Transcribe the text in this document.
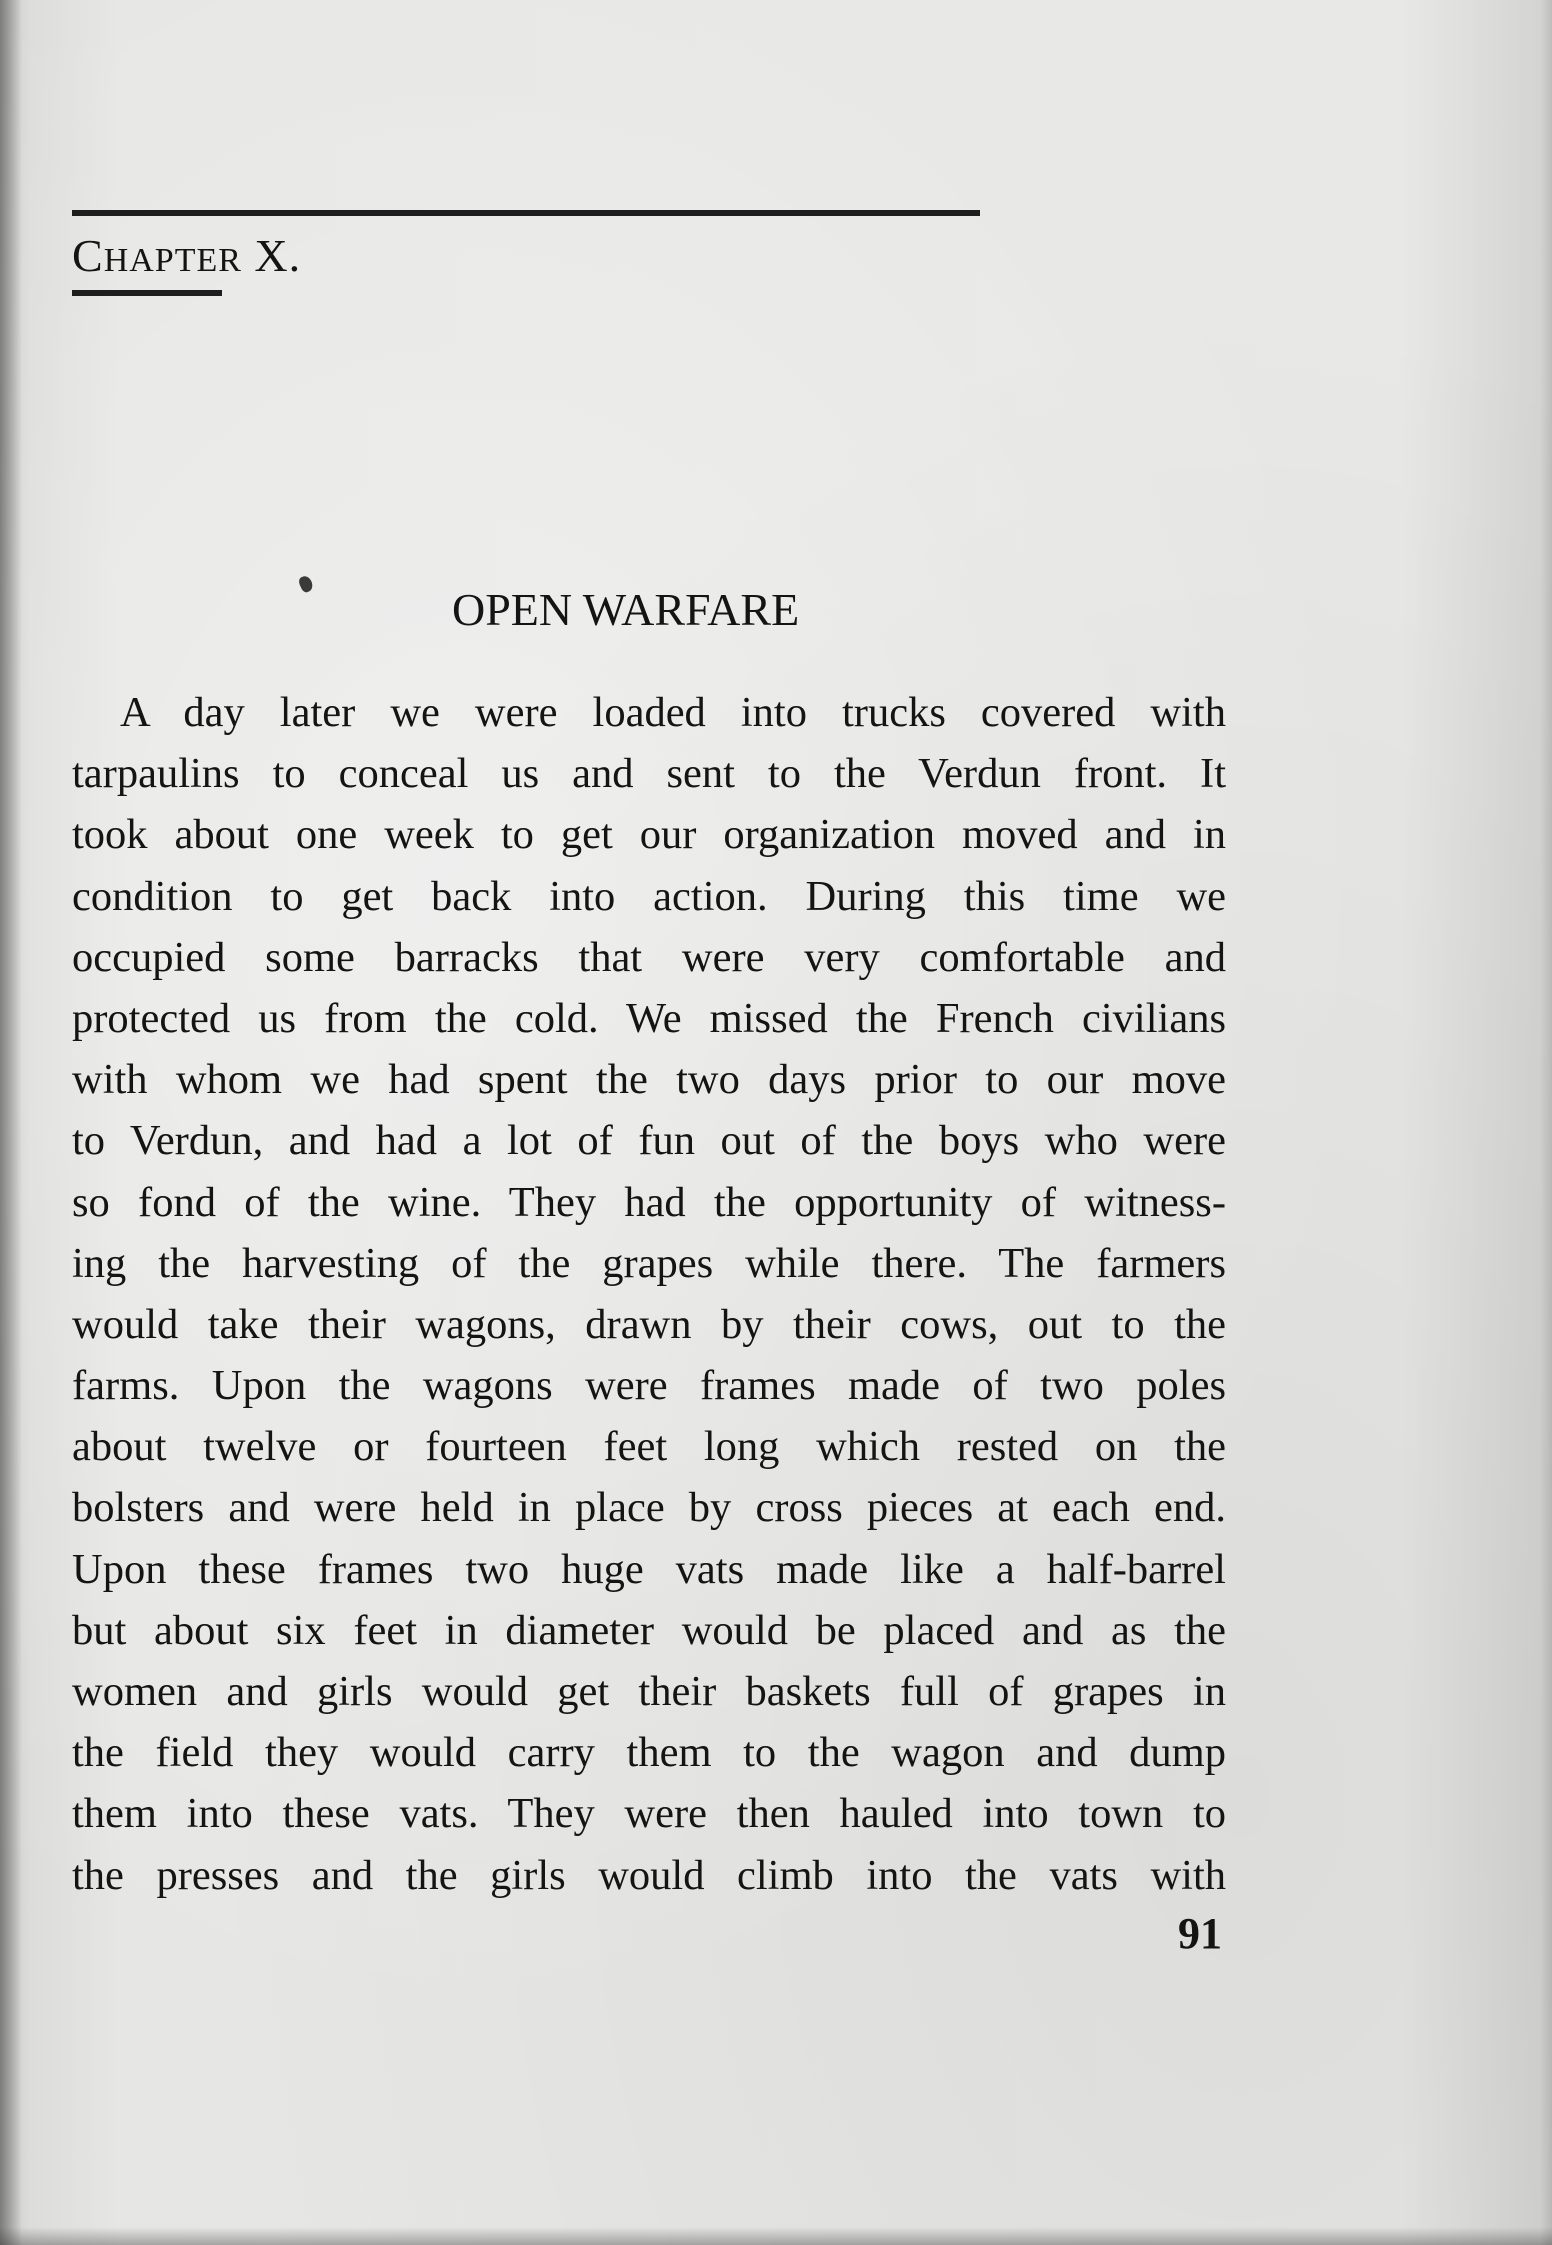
CHAPTER X.
OPEN WARFARE
A day later we were loaded into trucks covered with
tarpaulins to conceal us and sent to the Verdun front. It
took about one week to get our organization moved and in
condition to get back into action. During this time we
occupied some barracks that were very comfortable and
protected us from the cold. We missed the French civilians
with whom we had spent the two days prior to our move
to Verdun, and had a lot of fun out of the boys who were
so fond of the wine. They had the opportunity of witness-
ing the harvesting of the grapes while there. The farmers
would take their wagons, drawn by their cows, out to the
farms. Upon the wagons were frames made of two poles
about twelve or fourteen feet long which rested on the
bolsters and were held in place by cross pieces at each end.
Upon these frames two huge vats made like a half-barrel
but about six feet in diameter would be placed and as the
women and girls would get their baskets full of grapes in
the field they would carry them to the wagon and dump
them into these vats. They were then hauled into town to
the presses and the girls would climb into the vats with
91
